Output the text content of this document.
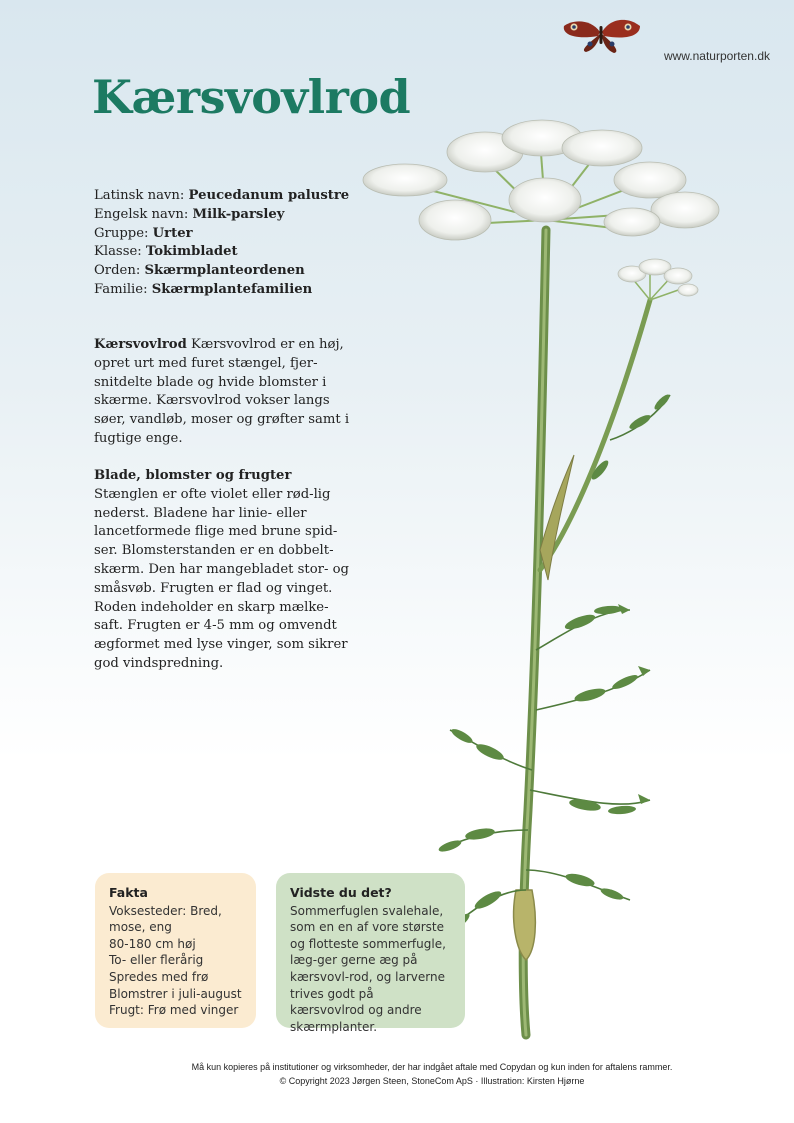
www.naturporten.dk
Kærsvovlrod
Latinsk navn: Peucedanum palustre
Engelsk navn: Milk-parsley
Gruppe: Urter
Klasse: Tokimbladet
Orden: Skærmplanteordenen
Familie: Skærmplantefamilien

Kærsvovlrod Kærsvovlrod er en høj, opret urt med furet stængel, fjer-snitdelte blade og hvide blomster i skærme. Kærsvovlrod vokser langs søer, vandløb, moser og grøfter samt i fugtige enge.

Blade, blomster og frugter

Stænglen er ofte violet eller rød-lig nederst. Bladene har linie- eller lancetformede flige med brune spid-ser. Blomsterstanden er en dobbelt-skærm. Den har mangebladet stor- og småsvøb. Frugten er flad og vinget. Roden indeholder en skarp mælke-saft. Frugten er 4-5 mm og omvendt ægformet med lyse vinger, som sikrer god vindspredning.

Fakta
Voksesteder: Bred,
mose, eng
80-180 cm høj
To- eller flerårig
Spredes med frø
Blomstrer i juli-august
Frugt: Frø med vinger
Vidste du det?
Sommerfuglen svalehale, som en en af vore største og flotteste sommerfugle, læg-ger gerne æg på kærsvovl-rod, og larverne trives godt på kærsvovlrod og andre skærmplanter.
Må kun kopieres på institutioner og virksomheder, der har indgået aftale med Copydan og kun inden for aftalens rammer.
© Copyright 2023 Jørgen Steen, StoneCom ApS · Illustration: Kirsten Hjørne
